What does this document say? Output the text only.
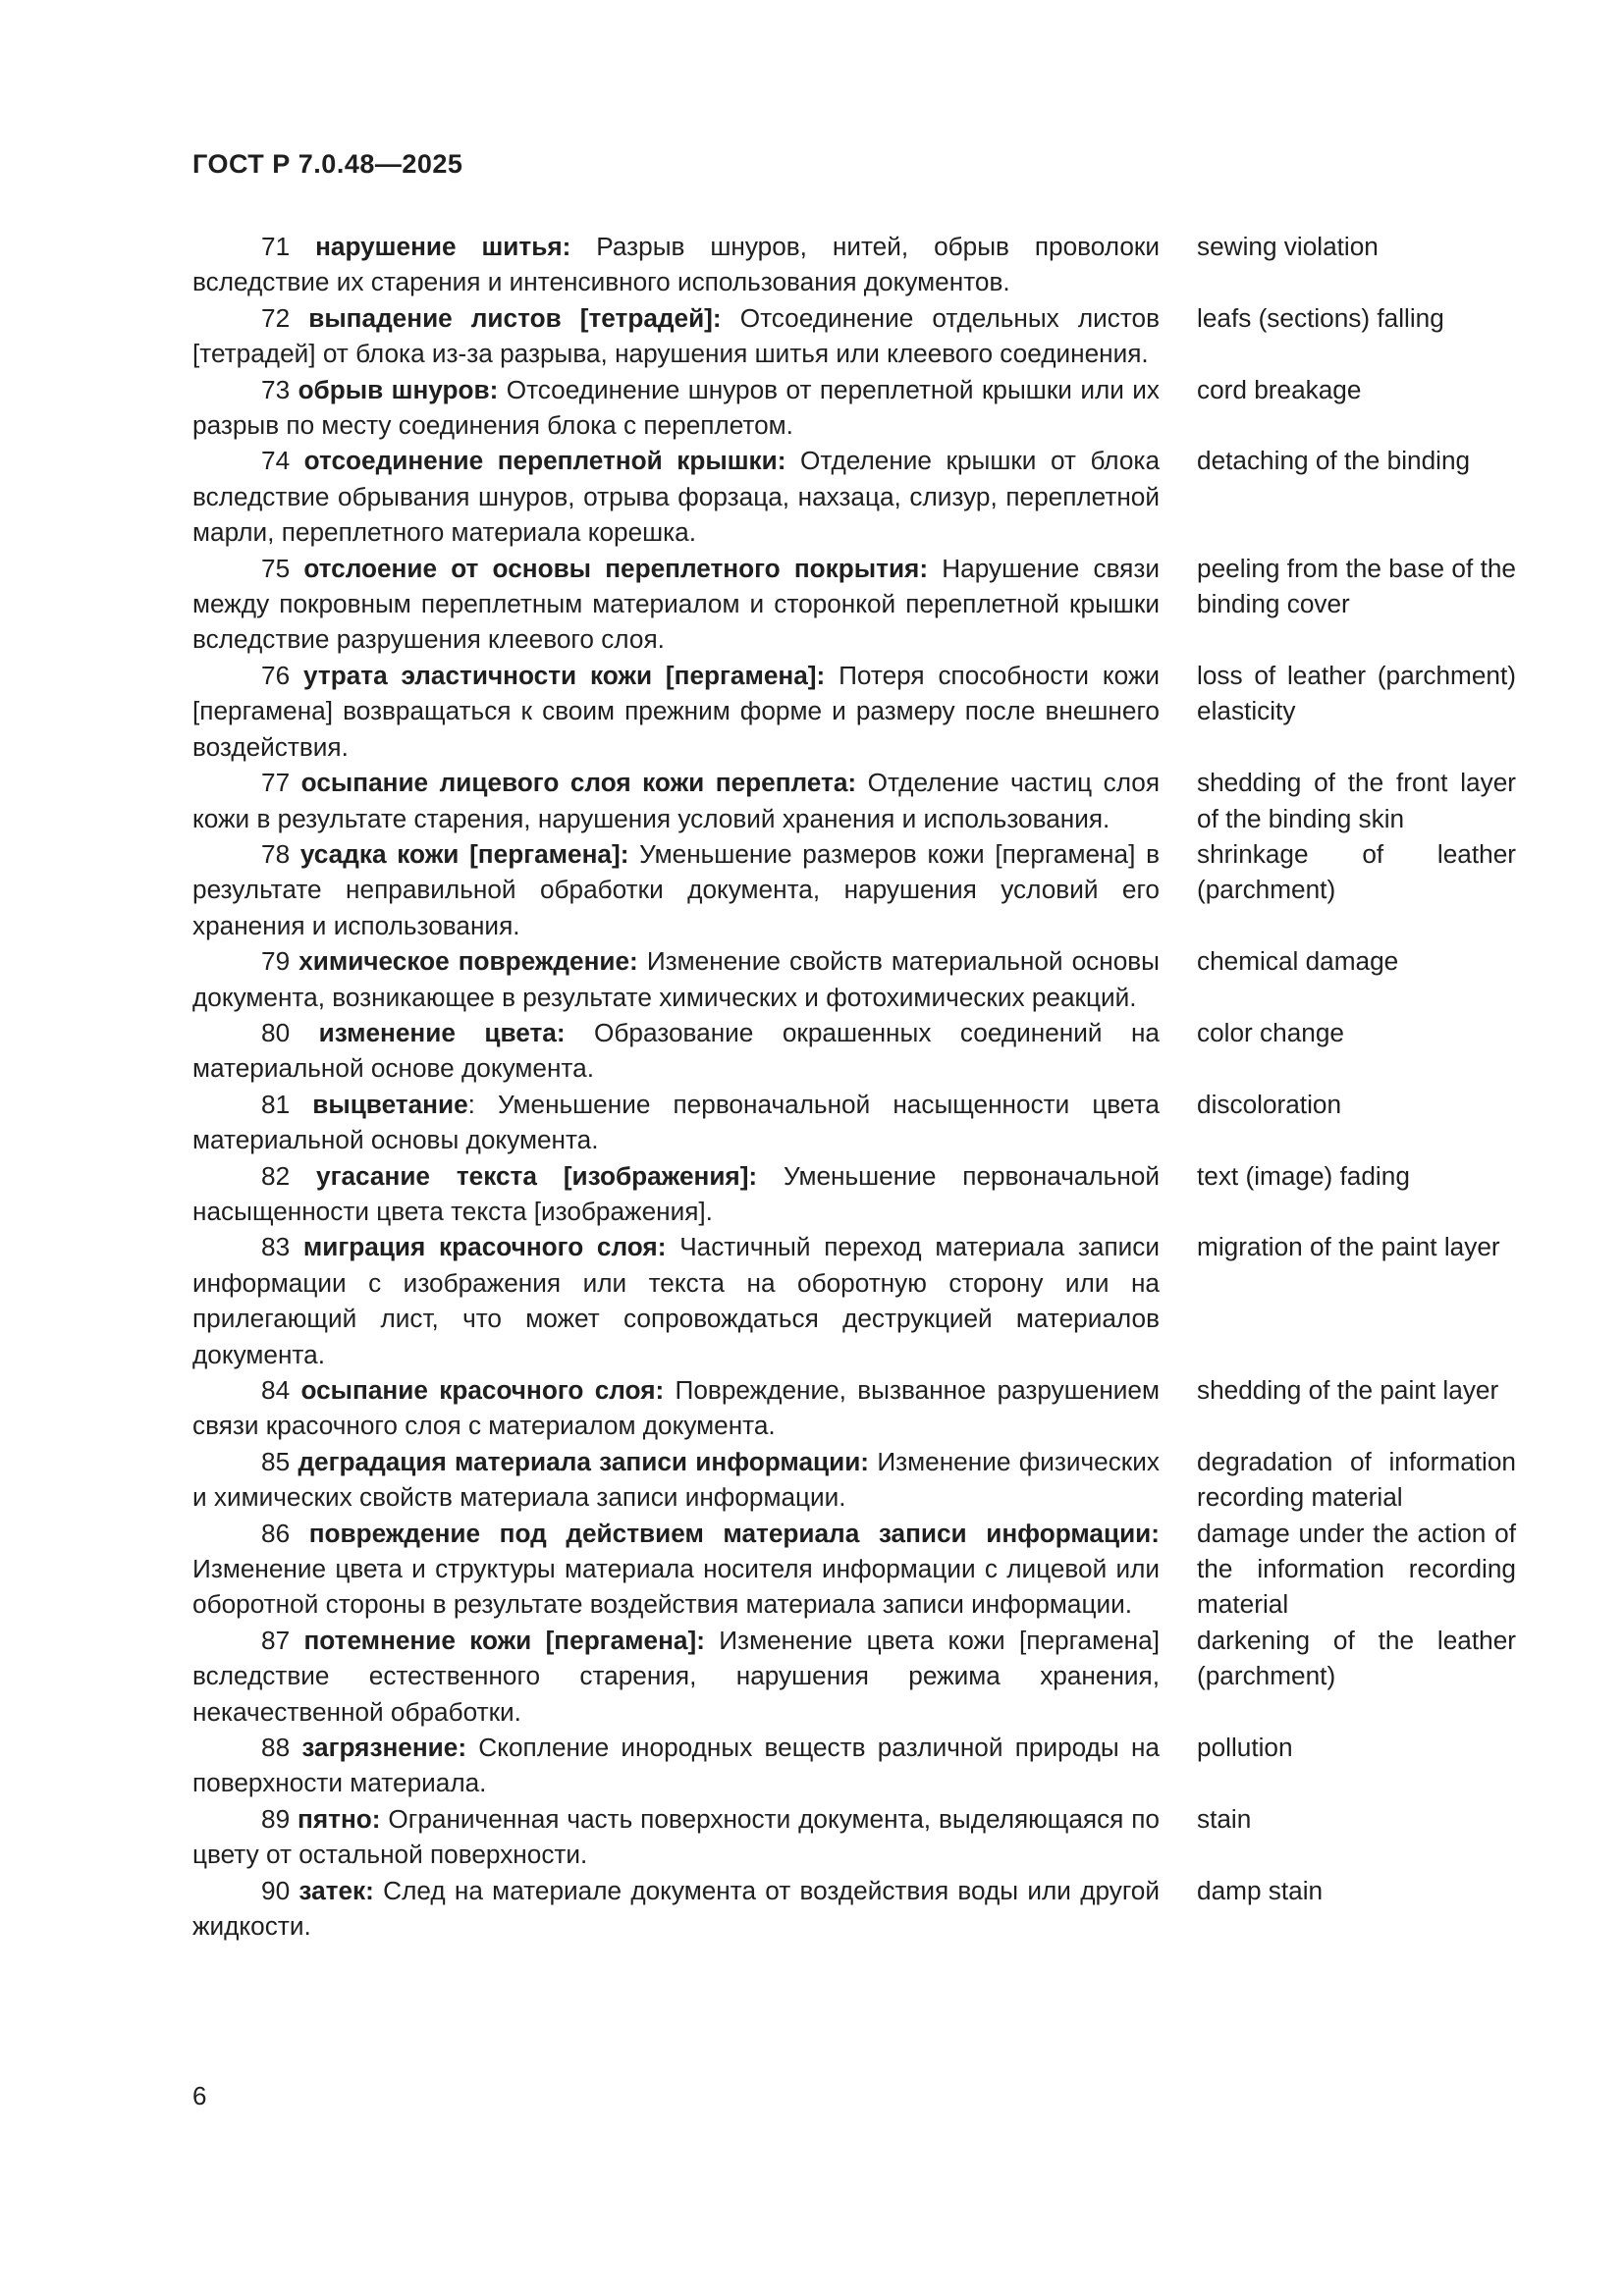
ГОСТ Р 7.0.48—2025
71 нарушение шитья: Разрыв шнуров, нитей, обрыв проволоки вследствие их старения и интенсивного использования документов.
sewing violation
72 выпадение листов [тетрадей]: Отсоединение отдельных листов [тетрадей] от блока из-за разрыва, нарушения шитья или клеевого соединения.
leafs (sections) falling
73 обрыв шнуров: Отсоединение шнуров от переплетной крышки или их разрыв по месту соединения блока с переплетом.
cord breakage
74 отсоединение переплетной крышки: Отделение крышки от блока вследствие обрывания шнуров, отрыва форзаца, нахзаца, слизур, переплетной марли, переплетного материала корешка.
detaching of the binding
75 отслоение от основы переплетного покрытия: Нарушение связи между покровным переплетным материалом и сторонкой переплетной крышки вследствие разрушения клеевого слоя.
peeling from the base of the binding cover
76 утрата эластичности кожи [пергамена]: Потеря способности кожи [пергамена] возвращаться к своим прежним форме и размеру после внешнего воздействия.
loss of leather (parchment) elasticity
77 осыпание лицевого слоя кожи переплета: Отделение частиц слоя кожи в результате старения, нарушения условий хранения и использования.
shedding of the front layer of the binding skin
78 усадка кожи [пергамена]: Уменьшение размеров кожи [пергамена] в результате неправильной обработки документа, нарушения условий его хранения и использования.
shrinkage of leather (parchment)
79 химическое повреждение: Изменение свойств материальной основы документа, возникающее в результате химических и фотохимических реакций.
chemical damage
80 изменение цвета: Образование окрашенных соединений на материальной основе документа.
color change
81 выцветание: Уменьшение первоначальной насыщенности цвета материальной основы документа.
discoloration
82 угасание текста [изображения]: Уменьшение первоначальной насыщенности цвета текста [изображения].
text (image) fading
83 миграция красочного слоя: Частичный переход материала записи информации с изображения или текста на оборотную сторону или на прилегающий лист, что может сопровождаться деструкцией материалов документа.
migration of the paint layer
84 осыпание красочного слоя: Повреждение, вызванное разрушением связи красочного слоя с материалом документа.
shedding of the paint layer
85 деградация материала записи информации: Изменение физических и химических свойств материала записи информации.
degradation of information recording material
86 повреждение под действием материала записи информации: Изменение цвета и структуры материала носителя информации с лицевой или оборотной стороны в результате воздействия материала записи информации.
damage under the action of the information recording material
87 потемнение кожи [пергамена]: Изменение цвета кожи [пергамена] вследствие естественного старения, нарушения режима хранения, некачественной обработки.
darkening of the leather (parchment)
88 загрязнение: Скопление инородных веществ различной природы на поверхности материала.
pollution
89 пятно: Ограниченная часть поверхности документа, выделяющаяся по цвету от остальной поверхности.
stain
90 затек: След на материале документа от воздействия воды или другой жидкости.
damp stain
6
